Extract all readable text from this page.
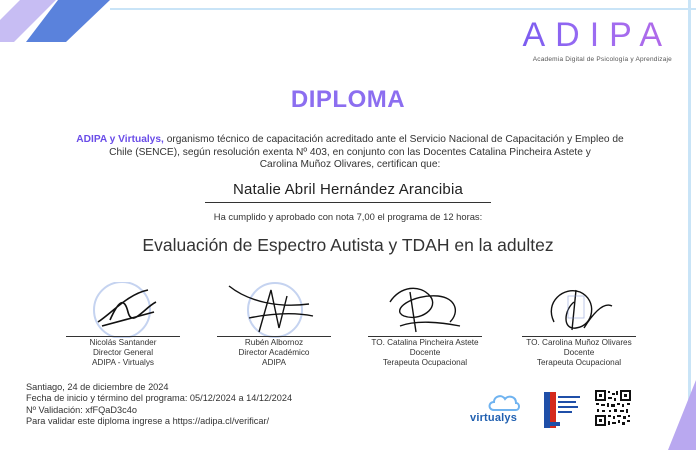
ADIPA
Academia Digital de Psicología y Aprendizaje
DIPLOMA
ADIPA y Virtualys, organismo técnico de capacitación acreditado ante el Servicio Nacional de Capacitación y Empleo de
Chile (SENCE), según resolución exenta Nº 403, en conjunto con las Docentes Catalina Pincheira Astete y
Carolina Muñoz Olivares, certifican que:
Natalie Abril Hernández Arancibia
Ha cumplido y aprobado con nota 7,00 el programa de 12 horas:
Evaluación de Espectro Autista y TDAH en la adultez
Nicolás Santander
Director General
ADIPA - Virtualys
Rubén Albornoz
Director Académico
ADIPA
TO. Catalina Pincheira Astete
Docente
Terapeuta Ocupacional
TO. Carolina Muñoz Olivares
Docente
Terapeuta Ocupacional
Santiago, 24 de diciembre de 2024
Fecha de inicio y término del programa: 05/12/2024 a 14/12/2024
Nº Validación: xfFQaD3c4o
Para validar este diploma ingrese a https://adipa.cl/verificar/	virtualys
